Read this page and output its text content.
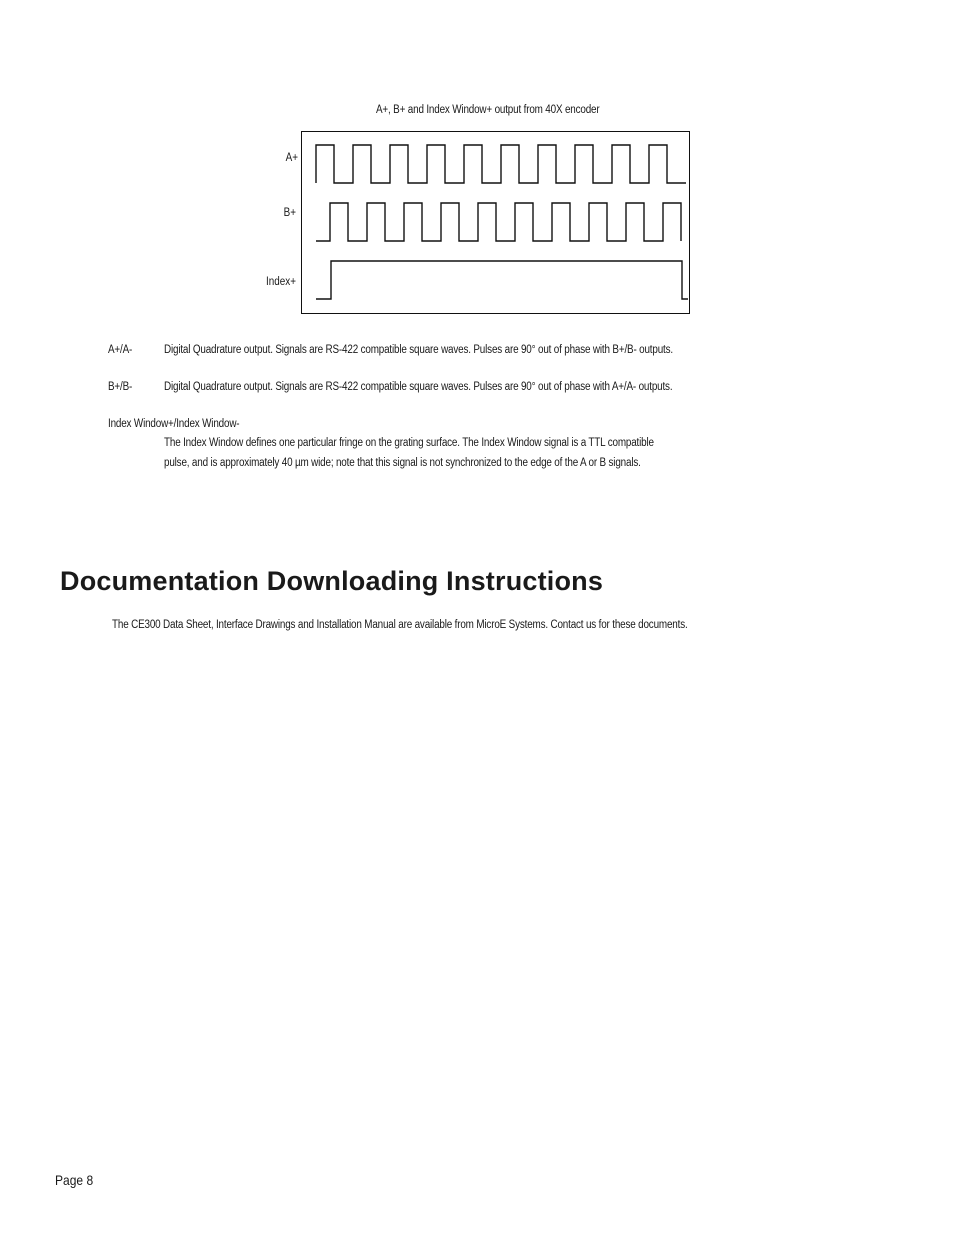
A+, B+ and Index Window+ output from 40X encoder
A+
B+
Index+
A+/A-	Digital Quadrature output. Signals are RS-422 compatible square waves. Pulses are 90° out of phase with B+/B- outputs.
B+/B-	Digital Quadrature output. Signals are RS-422 compatible square waves. Pulses are 90° out of phase with A+/A- outputs.
Index Window+/Index Window-
The Index Window defines one particular fringe on the grating surface. The Index Window signal is a TTL compatible
pulse, and is approximately 40 µm wide; note that this signal is not synchronized to the edge of the A or B signals.
Documentation Downloading Instructions
The CE300 Data Sheet, Interface Drawings and Installation Manual are available from MicroE Systems. Contact us for these documents.
Page 8
